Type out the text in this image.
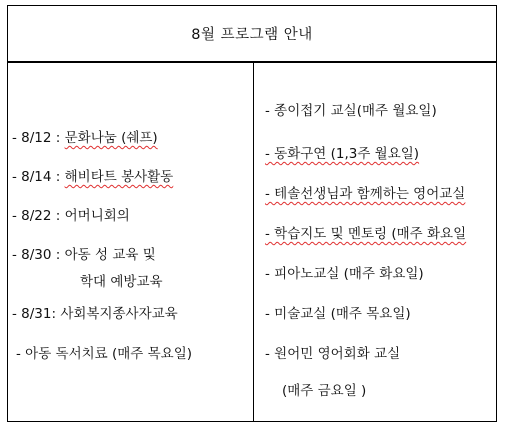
8월 프로그램 안내
- 8/12 : 문화나눔 (쉐프)
- 8/14 : 해비타트 봉사활동
- 8/22 : 어머니회의
- 8/30 : 아동 성 교육 및
학대 예방교육
- 8/31: 사회복지종사자교육
- 아동 독서치료 (매주 목요일)
- 종이접기 교실(매주 월요일)
- 동화구연 (1,3주 월요일)
- 테솔선생님과 함께하는 영어교실
- 학습지도 및 멘토링 (매주 화요일
- 피아노교실 (매주 화요일)
- 미술교실 (매주 목요일)
- 원어민 영어회화 교실
(매주 금요일 )
